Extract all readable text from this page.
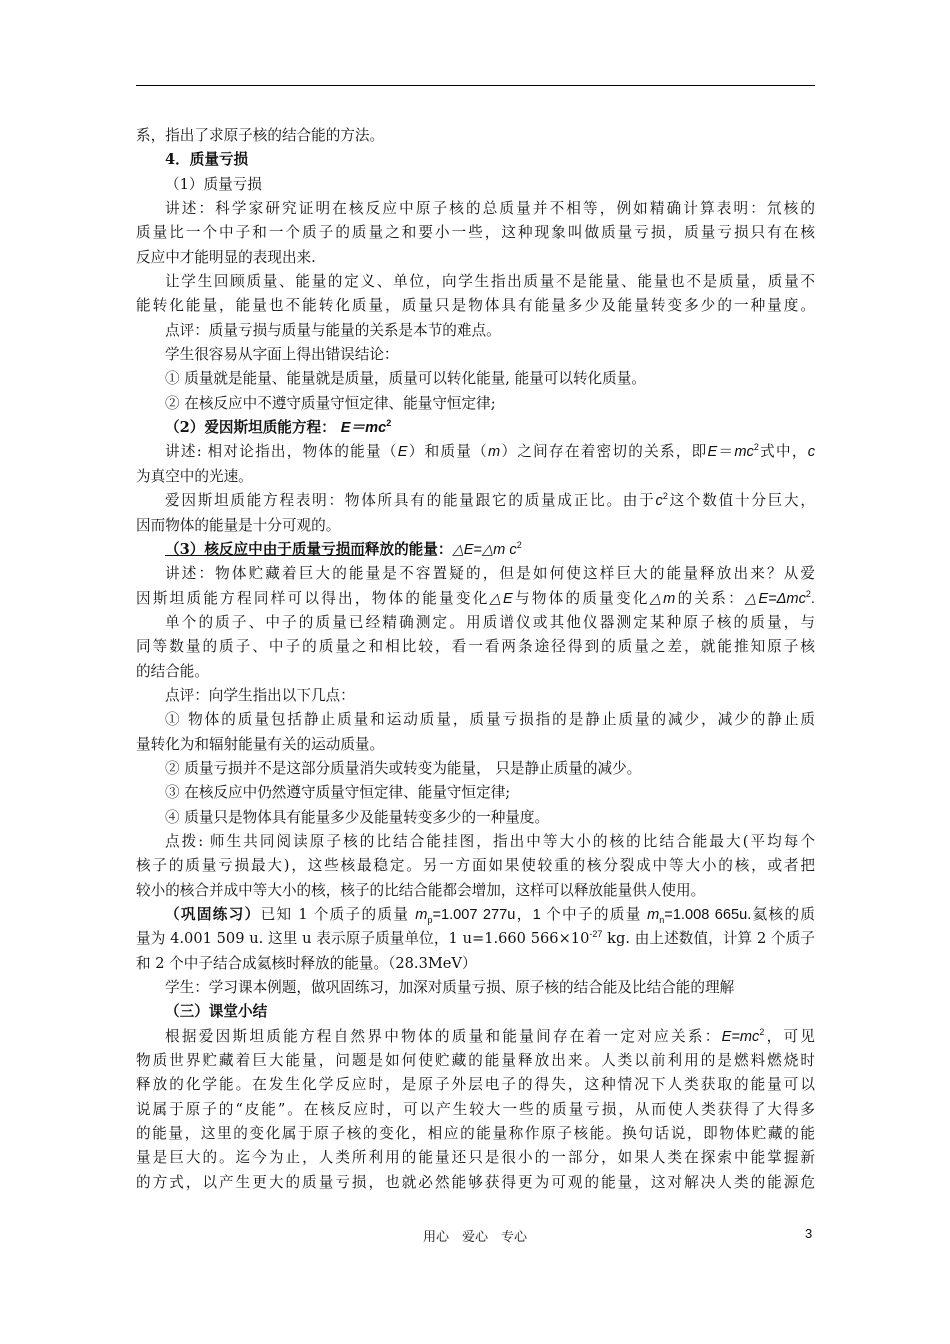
系，指出了求原子核的结合能的方法。
4．质量亏损
（1）质量亏损
讲述：科学家研究证明在核反应中原子核的总质量并不相等，例如精确计算表明：氘核的
质量比一个中子和一个质子的质量之和要小一些，这种现象叫做质量亏损，质量亏损只有在核
反应中才能明显的表现出来.
让学生回顾质量、能量的定义、单位，向学生指出质量不是能量、能量也不是质量，质量不
能转化能量，能量也不能转化质量，质量只是物体具有能量多少及能量转变多少的一种量度。
点评：质量亏损与质量与能量的关系是本节的难点。
学生很容易从字面上得出错误结论：
① 质量就是能量、能量就是质量，质量可以转化能量, 能量可以转化质量。
② 在核反应中不遵守质量守恒定律、能量守恒定律;
（2）爱因斯坦质能方程： $E=mc^2$
讲述: 相对论指出，物体的能量（E）和质量（m）之间存在着密切的关系，即$E=mc^2$式中，c
为真空中的光速。
爱因斯坦质能方程表明：物体所具有的能量跟它的质量成正比。由于$c^2$这个数值十分巨大，
因而物体的能量是十分可观的。
（3）核反应中由于质量亏损而释放的能量：△E=△m $c^2$
讲述：物体贮藏着巨大的能量是不容置疑的，但是如何使这样巨大的能量释放出来？从爱
因斯坦质能方程同样可以得出，物体的能量变化△E与物体的质量变化△m的关系：△E=Δmc$^2$.
单个的质子、中子的质量已经精确测定。用质谱仪或其他仪器测定某种原子核的质量，与
同等数量的质子、中子的质量之和相比较，看一看两条途径得到的质量之差，就能推知原子核
的结合能。
点评：向学生指出以下几点：
① 物体的质量包括静止质量和运动质量，质量亏损指的是静止质量的减少，减少的静止质
量转化为和辐射能量有关的运动质量。
② 质量亏损并不是这部分质量消失或转变为能量， 只是静止质量的减少。
③ 在核反应中仍然遵守质量守恒定律、能量守恒定律;
④ 质量只是物体具有能量多少及能量转变多少的一种量度。
点拨: 师生共同阅读原子核的比结合能挂图，指出中等大小的核的比结合能最大(平均每个
核子的质量亏损最大)，这些核最稳定。另一方面如果使较重的核分裂成中等大小的核，或者把
较小的核合并成中等大小的核，核子的比结合能都会增加，这样可以释放能量供人使用。
（巩固练习）已知 1 个质子的质量 $m_p=1.007$ 277u，1 个中子的质量 $m_n=1.008$ 665u.氦核的质
量为 4.001 509 u. 这里 u 表示原子质量单位，1 u=1.660 $566\times 10^{-27}$ kg. 由上述数值，计算 2 个质子
和 2 个中子结合成氦核时释放的能量。（28.3MeV）
学生：学习课本例题，做巩固练习，加深对质量亏损、原子核的结合能及比结合能的理解
（三）课堂小结
根据爱因斯坦质能方程自然界中物体的质量和能量间存在着一定对应关系：$E=mc^2$，可见
物质世界贮藏着巨大能量，问题是如何使贮藏的能量释放出来。人类以前利用的是燃料燃烧时
释放的化学能。在发生化学反应时，是原子外层电子的得失，这种情况下人类获取的能量可以
说属于原子的“皮能”。在核反应时，可以产生较大一些的质量亏损，从而使人类获得了大得多
的能量，这里的变化属于原子核的变化，相应的能量称作原子核能。换句话说，即物体贮藏的能
量是巨大的。迄今为止，人类所利用的能量还只是很小的一部分，如果人类在探索中能掌握新
的方式，以产生更大的质量亏损，也就必然能够获得更为可观的能量，这对解决人类的能源危
用心　爱心　专心	3
